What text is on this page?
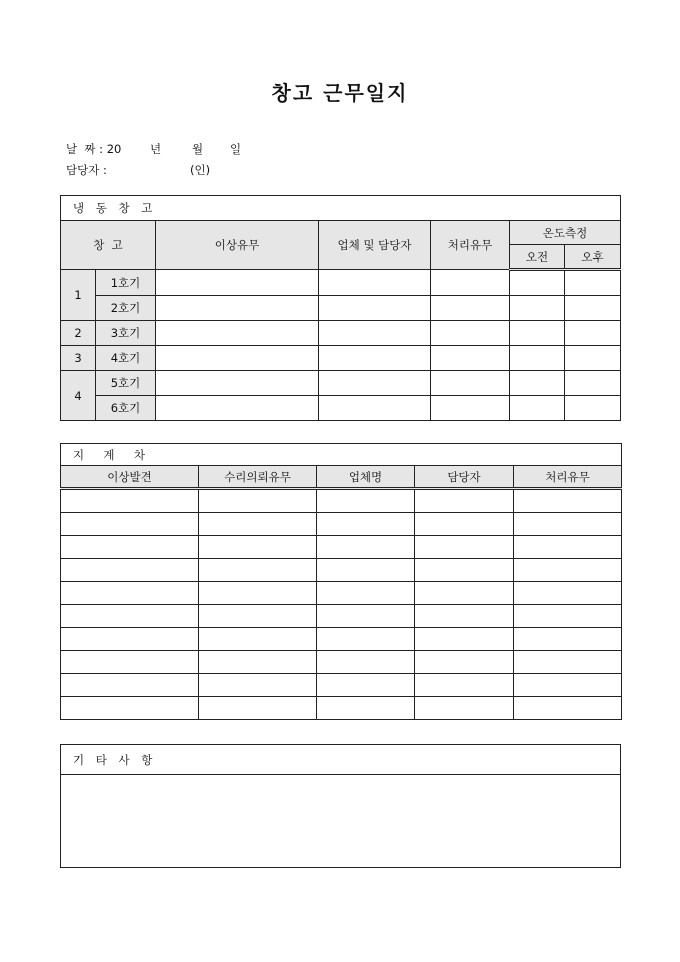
창고 근무일지
날  짜 : 20 년	월 일
담당자 :	(인)
냉 동 창 고						
창  고		이상유무	업체 및 담당자	처리유무	온도측정	
					오전	오후
1	1호기					
	2호기					
2	3호기					
3	4호기					
4	5호기					
	6호기					
지  계  차				
이상발견	수리의뢰유무	업체명	담당자	처리유무

기 타 사 항
